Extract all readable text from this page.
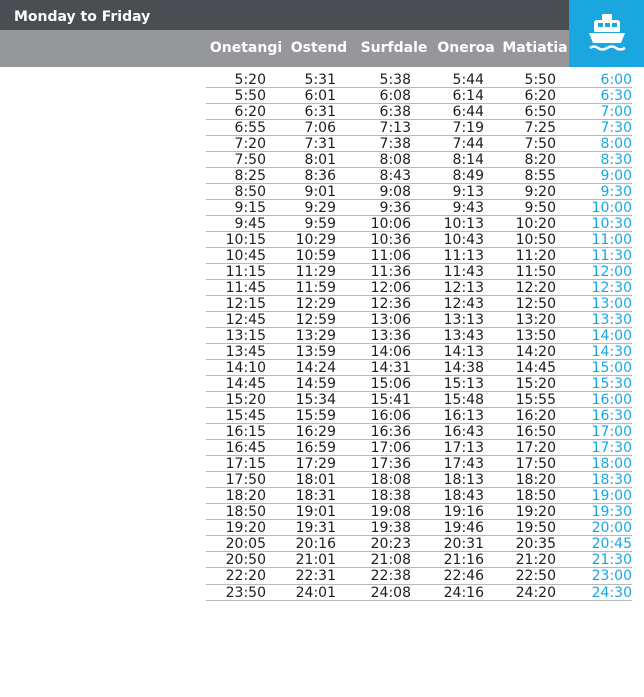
Monday to Friday
Onetangi Ostend Surfdale Oneroa Matiatia
5:20	5:31	5:38	5:44	5:50	6:00
5:50	6:01	6:08	6:14	6:20	6:30
6:20	6:31	6:38	6:44	6:50	7:00
6:55	7:06	7:13	7:19	7:25	7:30
7:20	7:31	7:38	7:44	7:50	8:00
7:50	8:01	8:08	8:14	8:20	8:30
8:25	8:36	8:43	8:49	8:55	9:00
8:50	9:01	9:08	9:13	9:20	9:30
9:15	9:29	9:36	9:43	9:50	10:00
9:45	9:59	10:06	10:13	10:20	10:30
10:15	10:29	10:36	10:43	10:50	11:00
10:45	10:59	11:06	11:13	11:20	11:30
11:15	11:29	11:36	11:43	11:50	12:00
11:45	11:59	12:06	12:13	12:20	12:30
12:15	12:29	12:36	12:43	12:50	13:00
12:45	12:59	13:06	13:13	13:20	13:30
13:15	13:29	13:36	13:43	13:50	14:00
13:45	13:59	14:06	14:13	14:20	14:30
14:10	14:24	14:31	14:38	14:45	15:00
14:45	14:59	15:06	15:13	15:20	15:30
15:20	15:34	15:41	15:48	15:55	16:00
15:45	15:59	16:06	16:13	16:20	16:30
16:15	16:29	16:36	16:43	16:50	17:00
16:45	16:59	17:06	17:13	17:20	17:30
17:15	17:29	17:36	17:43	17:50	18:00
17:50	18:01	18:08	18:13	18:20	18:30
18:20	18:31	18:38	18:43	18:50	19:00
18:50	19:01	19:08	19:16	19:20	19:30
19:20	19:31	19:38	19:46	19:50	20:00
20:05	20:16	20:23	20:31	20:35	20:45
20:50	21:01	21:08	21:16	21:20	21:30
22:20	22:31	22:38	22:46	22:50	23:00
23:50	24:01	24:08	24:16	24:20	24:30
